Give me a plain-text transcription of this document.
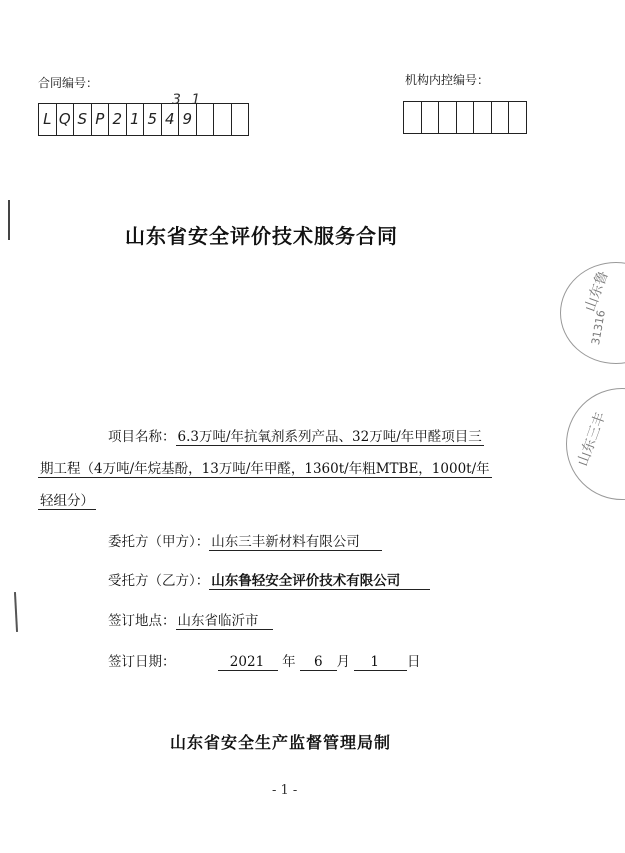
合同编号：
3 1
L Q S P 2 1 5 4 9
机构内控编号：
山东省安全评价技术服务合同
山东鲁
31316
山东三丰
项目名称： 6.3万吨/年抗氧剂系列产品、32万吨/年甲醛项目三
期工程（4万吨/年烷基酚，13万吨/年甲醛，1360t/年粗MTBE，1000t/年
轻组分）
委托方（甲方）： 山东三丰新材料有限公司
受托方（乙方）： 山东鲁轻安全评价技术有限公司
签订地点： 山东省临沂市
签订日期：	2021 年 6 月 1 日
山东省安全生产监督管理局制
- 1 -
